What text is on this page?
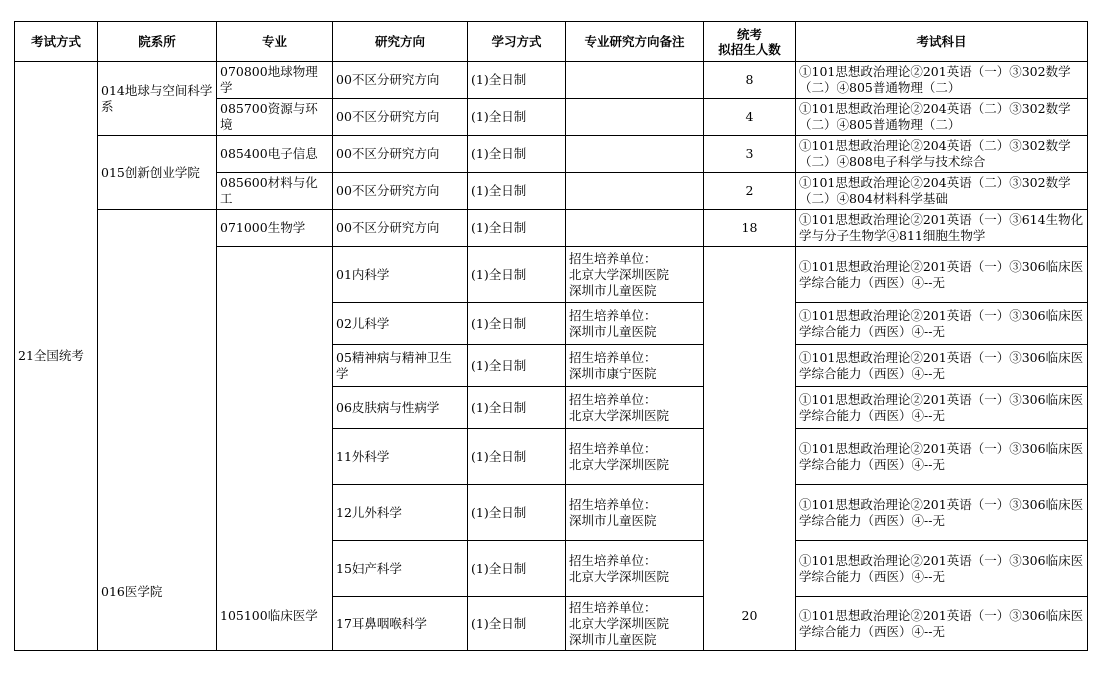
考试方式	院系所	专业	研究方向	学习方式	专业研究方向备注	统考
拟招生人数	考试科目
21全国统考	014地球与空间科学系	070800地球物理学	00不区分研究方向	(1)全日制		8	①101思想政治理论②201英语（一）③302数学（二）④805普通物理（二）
		085700资源与环境	00不区分研究方向	(1)全日制		4	①101思想政治理论②204英语（二）③302数学（二）④805普通物理（二）
	015创新创业学院	085400电子信息	00不区分研究方向	(1)全日制		3	①101思想政治理论②204英语（二）③302数学（二）④808电子科学与技术综合
		085600材料与化工	00不区分研究方向	(1)全日制		2	①101思想政治理论②204英语（二）③302数学（二）④804材料科学基础
	016医学院	071000生物学	00不区分研究方向	(1)全日制		18	①101思想政治理论②201英语（一）③614生物化学与分子生物学④811细胞生物学
		105100临床医学	01内科学	(1)全日制	招生培养单位：
北京大学深圳医院
深圳市儿童医院	20	①101思想政治理论②201英语（一）③306临床医学综合能力（西医）④--无
			02儿科学	(1)全日制	招生培养单位：
深圳市儿童医院		①101思想政治理论②201英语（一）③306临床医学综合能力（西医）④--无
			05精神病与精神卫生学	(1)全日制	招生培养单位：
深圳市康宁医院		①101思想政治理论②201英语（一）③306临床医学综合能力（西医）④--无
			06皮肤病与性病学	(1)全日制	招生培养单位：
北京大学深圳医院		①101思想政治理论②201英语（一）③306临床医学综合能力（西医）④--无
			11外科学	(1)全日制	招生培养单位：
北京大学深圳医院		①101思想政治理论②201英语（一）③306临床医学综合能力（西医）④--无
			12儿外科学	(1)全日制	招生培养单位：
深圳市儿童医院		①101思想政治理论②201英语（一）③306临床医学综合能力（西医）④--无
			15妇产科学	(1)全日制	招生培养单位：
北京大学深圳医院		①101思想政治理论②201英语（一）③306临床医学综合能力（西医）④--无
			17耳鼻咽喉科学	(1)全日制	招生培养单位：
北京大学深圳医院
深圳市儿童医院		①101思想政治理论②201英语（一）③306临床医学综合能力（西医）④--无
